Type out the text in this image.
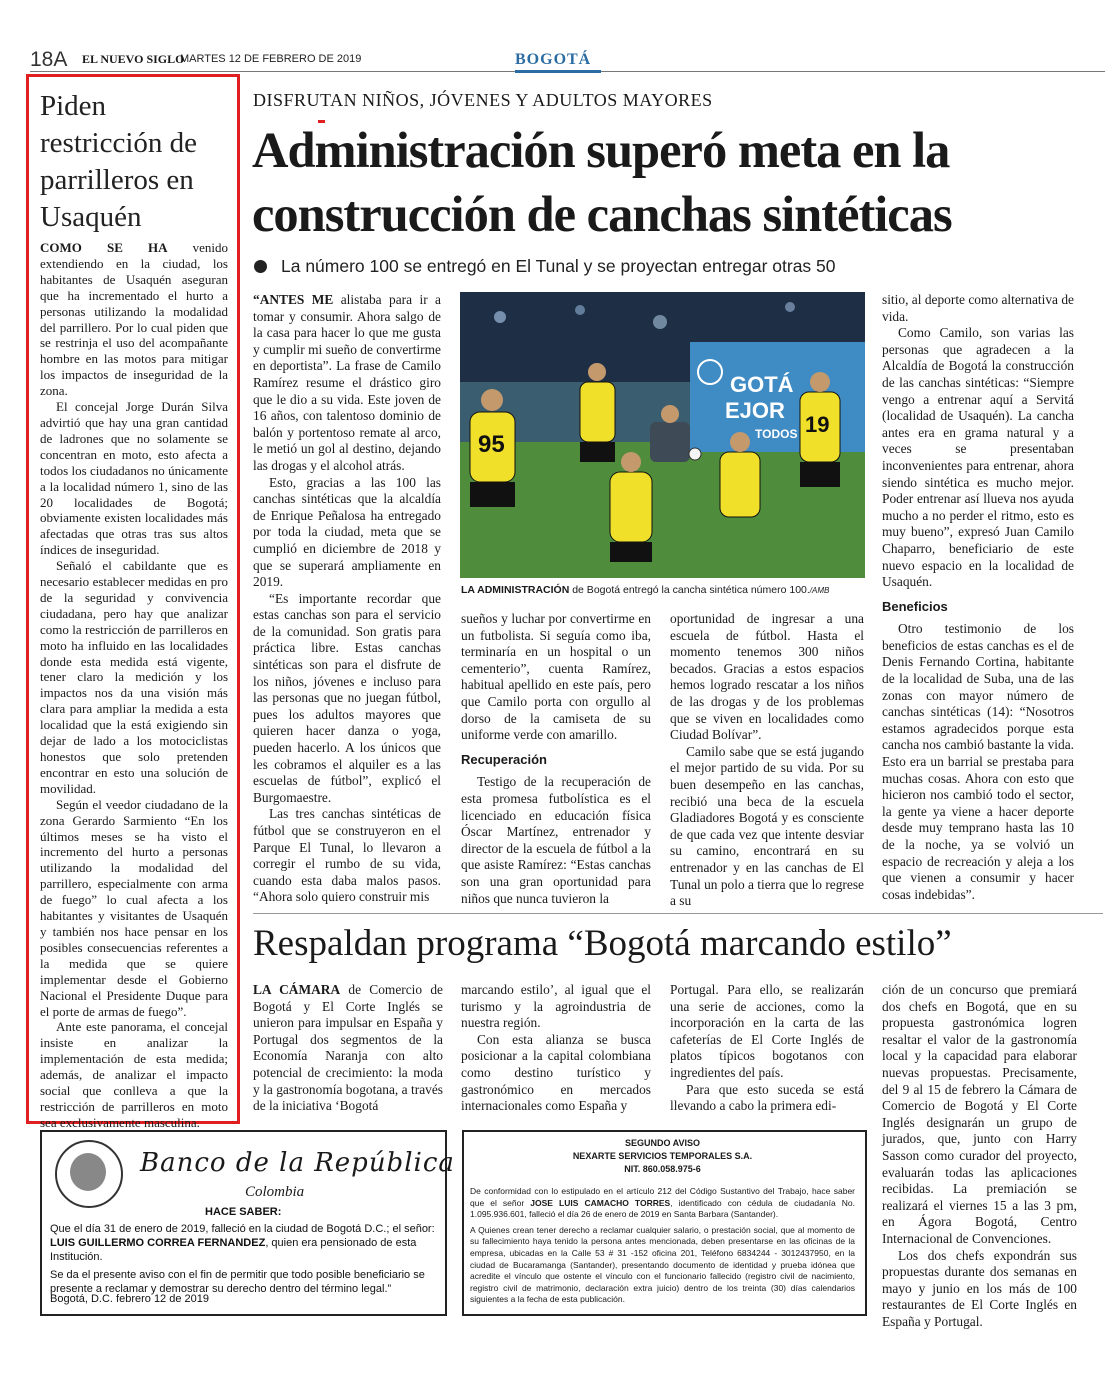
18A EL NUEVO SIGLO
MARTES 12 DE FEBRERO DE 2019	BOGOTÁ
Piden restricción de parrilleros en Usaquén

COMO SE HA venido extendiendo en la ciudad, los habitantes de Usaquén aseguran que ha incrementado el hurto a personas utilizando la modalidad del parrillero. Por lo cual piden que se restrinja el uso del acompañante hombre en las motos para mitigar los impactos de inseguridad de la zona.

El concejal Jorge Durán Silva advirtió que hay una gran cantidad de ladrones que no solamente se concentran en moto, esto afecta a todos los ciudadanos no únicamente a la localidad número 1, sino de las 20 localidades de Bogotá; obviamente existen localidades más afectadas que otras tras sus altos índices de inseguridad.

Señaló el cabildante que es necesario establecer medidas en pro de la seguridad y convivencia ciudadana, pero hay que analizar como la restricción de parrilleros en moto ha influido en las localidades donde esta medida está vigente, tener claro la medición y los impactos nos da una visión más clara para ampliar la medida a esta localidad que la está exigiendo sin dejar de lado a los motociclistas honestos que solo pretenden encontrar en esto una solución de movilidad.

Según el veedor ciudadano de la zona Gerardo Sarmiento “En los últimos meses se ha visto el incremento del hurto a personas utilizando la modalidad del parrillero, especialmente con arma de fuego” lo cual afecta a los habitantes y visitantes de Usaquén y también nos hace pensar en los posibles consecuencias referentes a la medida que se quiere implementar desde el Gobierno Nacional el Presidente Duque para el porte de armas de fuego”.

Ante este panorama, el concejal insiste en analizar la implementación de esta medida; además, de analizar el impacto social que conlleva a que la restricción de parrilleros en moto sea exclusivamente masculina.

DISFRUTAN NIÑOS, JÓVENES Y ADULTOS MAYORES
Administración superó meta en la construcción de canchas sintéticas
La número 100 se entregó en El Tunal y se proyectan entregar otras 50

“ANTES ME alistaba para ir a tomar y consumir. Ahora salgo de la casa para hacer lo que me gusta y cumplir mi sueño de convertirme en deportista”. La frase de Camilo Ramírez resume el drástico giro que le dio a su vida. Este joven de 16 años, con talentoso dominio de balón y portentoso remate al arco, le metió un gol al destino, dejando las drogas y el alcohol atrás.

Esto, gracias a las 100 las canchas sintéticas que la alcaldía de Enrique Peñalosa ha entregado por toda la ciudad, meta que se cumplió en diciembre de 2018 y que se superará ampliamente en 2019.

“Es importante recordar que estas canchas son para el servicio de la comunidad. Son gratis para práctica libre. Estas canchas sintéticas son para el disfrute de los niños, jóvenes e incluso para las personas que no juegan fútbol, pues los adultos mayores que quieren hacer danza o yoga, pueden hacerlo. A los únicos que les cobramos el alquiler es a las escuelas de fútbol”, explicó el Burgomaestre.

Las tres canchas sintéticas de fútbol que se construyeron en el Parque El Tunal, lo llevaron a corregir el rumbo de su vida, cuando esta daba malos pasos. “Ahora solo quiero construir mis

GOTÁ
EJOR
TODOS
95
19
LA ADMINISTRACIÓN de Bogotá entregó la cancha sintética número 100./AMB

sueños y luchar por convertirme en un futbolista. Si seguía como iba, terminaría en un hospital o un cementerio”, cuenta Ramírez, habitual apellido en este país, pero que Camilo porta con orgullo al dorso de la camiseta de su uniforme verde con amarillo.

Recuperación

Testigo de la recuperación de esta promesa futbolística es el licenciado en educación física Óscar Martínez, entrenador y director de la escuela de fútbol a la que asiste Ramírez: “Estas canchas son una gran oportunidad para niños que nunca tuvieron la

oportunidad de ingresar a una escuela de fútbol. Hasta el momento tenemos 300 niños becados. Gracias a estos espacios hemos logrado rescatar a los niños de las drogas y de los problemas que se viven en localidades como Ciudad Bolívar”.

Camilo sabe que se está jugando el mejor partido de su vida. Por su buen desempeño en las canchas, recibió una beca de la escuela Gladiadores Bogotá y es consciente de que cada vez que intente desviar su camino, encontrará en su entrenador y en las canchas de El Tunal un polo a tierra que lo regrese a su

sitio, al deporte como alternativa de vida.

Como Camilo, son varias las personas que agradecen a la Alcaldía de Bogotá la construcción de las canchas sintéticas: “Siempre vengo a entrenar aquí a Servitá (localidad de Usaquén). La cancha antes era en grama natural y a veces se presentaban inconvenientes para entrenar, ahora siendo sintética es mucho mejor. Poder entrenar así llueva nos ayuda mucho a no perder el ritmo, esto es muy bueno”, expresó Juan Camilo Chaparro, beneficiario de este nuevo espacio en la localidad de Usaquén.

Beneficios

Otro testimonio de los beneficios de estas canchas es el de Denis Fernando Cortina, habitante de la localidad de Suba, una de las zonas con mayor número de canchas sintéticas (14): “Nosotros estamos agradecidos porque esta cancha nos cambió bastante la vida. Esto era un barrial se prestaba para muchas cosas. Ahora con esto que hicieron nos cambió todo el sector, la gente ya viene a hacer deporte desde muy temprano hasta las 10 de la noche, ya se volvió un espacio de recreación y aleja a los que vienen a consumir y hacer cosas indebidas”.

Respaldan programa “Bogotá marcando estilo”

LA CÁMARA de Comercio de Bogotá y El Corte Inglés se unieron para impulsar en España y Portugal dos segmentos de la Economía Naranja con alto potencial de crecimiento: la moda y la gastronomía bogotana, a través de la iniciativa ‘Bogotá

marcando estilo’, al igual que el turismo y la agroindustria de nuestra región.

Con esta alianza se busca posicionar a la capital colombiana como destino turístico y gastronómico en mercados internacionales como España y

Portugal. Para ello, se realizarán una serie de acciones, como la incorporación en la carta de las cafeterías de El Corte Inglés de platos típicos bogotanos con ingredientes del país.

Para que esto suceda se está llevando a cabo la primera edi-

ción de un concurso que premiará dos chefs en Bogotá, que en su propuesta gastronómica logren resaltar el valor de la gastronomía local y la capacidad para elaborar nuevas propuestas. Precisamente, del 9 al 15 de febrero la Cámara de Comercio de Bogotá y El Corte Inglés designarán un grupo de jurados, que, junto con Harry Sasson como curador del proyecto, evaluarán todas las aplicaciones recibidas. La premiación se realizará el viernes 15 a las 3 pm, en Ágora Bogotá, Centro Internacional de Convenciones.

Los dos chefs expondrán sus propuestas durante dos semanas en mayo y junio en los más de 100 restaurantes de El Corte Inglés en España y Portugal.

Banco de la República
Colombia
HACE SABER:
Que el día 31 de enero de 2019, falleció en la ciudad de Bogotá D.C.; el señor: LUIS GUILLERMO CORREA FERNANDEZ, quien era pensionado de esta Institución.
Se da el presente aviso con el fin de permitir que todo posible beneficiario se presente a reclamar y demostrar su derecho dentro del término legal.”
Bogotá, D.C. febrero 12 de 2019
SEGUNDO AVISO
NEXARTE SERVICIOS TEMPORALES S.A.
NIT. 860.058.975-6
De conformidad con lo estipulado en el artículo 212 del Código Sustantivo del Trabajo, hace saber que el señor JOSE LUIS CAMACHO TORRES, identificado con cédula de ciudadanía No. 1.095.936.601, falleció el día 26 de enero de 2019 en Santa Barbara (Santander).
A Quienes crean tener derecho a reclamar cualquier salario, o prestación social, que al momento de su fallecimiento haya tenido la persona antes mencionada, deben presentarse en las oficinas de la empresa, ubicadas en la Calle 53 # 31 -152 oficina 201, Teléfono 6834244 - 3012437950, en la ciudad de Bucaramanga (Santander), presentando documento de identidad y prueba idónea que acredite el vínculo que ostente el vínculo con el funcionario fallecido (registro civil de nacimiento, registro civil de matrimonio, declaración extra juicio) dentro de los treinta (30) días calendarios siguientes a la fecha de esta publicación.
